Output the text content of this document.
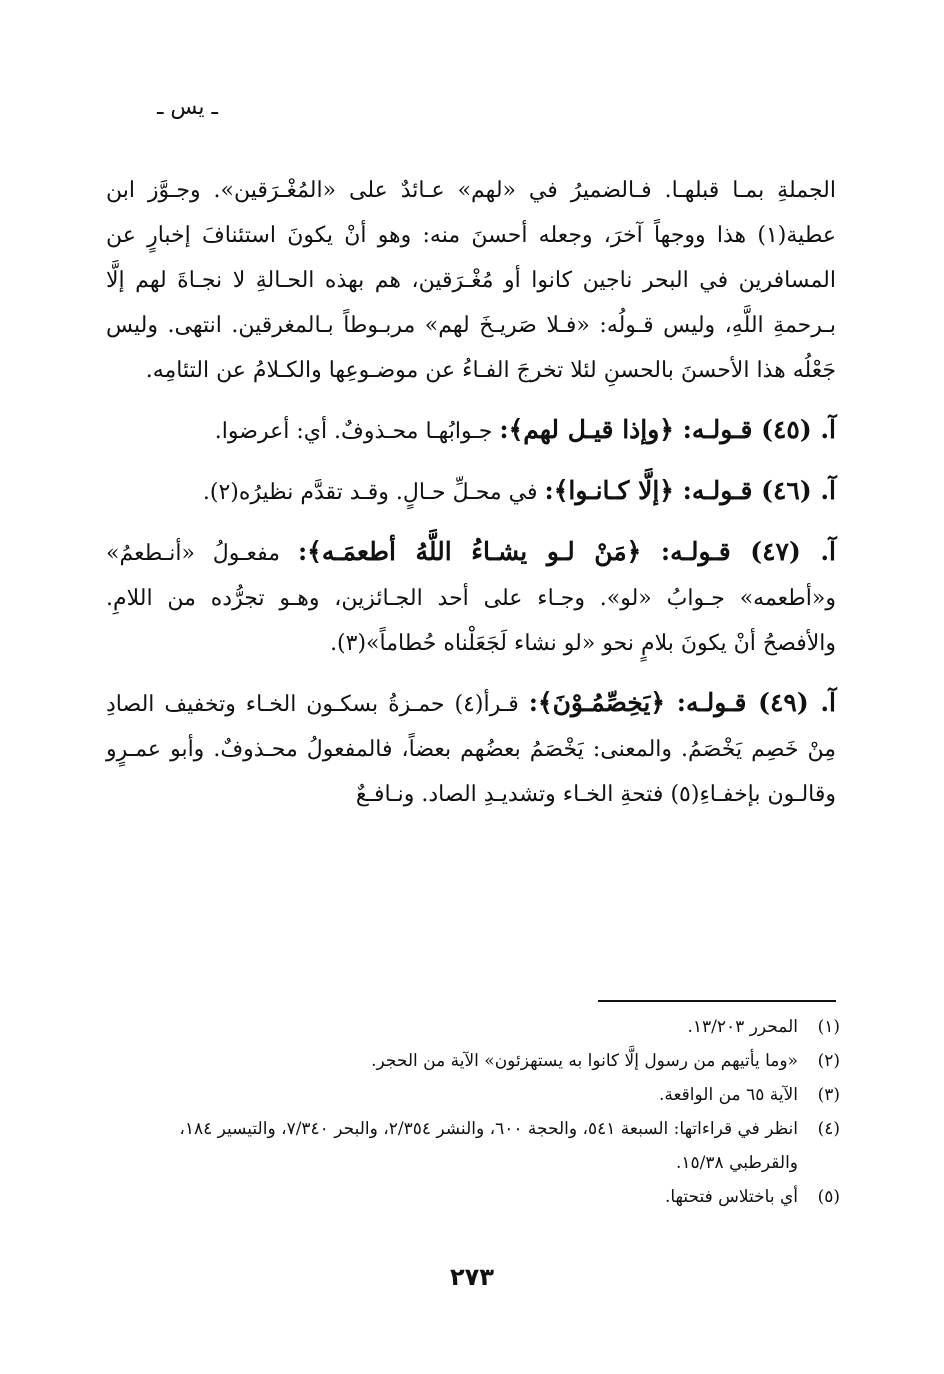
ـ يس ـ

الجملةِ بمـا قبلهـا. فـالضميرُ في «لهم» عـائدٌ على «المُغْـرَقين». وجـوَّز ابن عطية(١) هذا ووجهاً آخرَ، وجعله أحسنَ منه: وهو أنْ يكونَ استئنافَ إخبارٍ عن المسافرين في البحر ناجين كانوا أو مُغْـرَقين، هم بهذه الحـالةِ لا نجـاةَ لهم إلَّا بـرحمةِ اللَّهِ، وليس قـولُه: «فـلا صَريـخَ لهم» مربـوطاً بـالمغرقين. انتهى. وليس جَعْلُه هذا الأحسنَ بالحسنِ لئلا تخرجَ الفـاءُ عن موضـوعِها والكـلامُ عن التئامِه.

آ. (٤٥) قـولـه: ﴿وإذا قيـل لهم﴾: جـوابُهـا محـذوفٌ. أي: أعرضوا.

آ. (٤٦) قـولـه: ﴿إلَّا كـانـوا﴾: في محـلِّ حـالٍ. وقـد تقدَّم نظيرُه(٢).

آ. (٤٧) قـولـه: ﴿مَنْ لـو يشـاءُ اللَّهُ أطعمَـه﴾: مفعـولُ «أنـطعمُ» و«أطعمه» جـوابُ «لو». وجـاء على أحد الجـائزين، وهـو تجرُّده من اللامِ. والأفصحُ أنْ يكونَ بلامٍ نحو «لو نشاء لَجَعَلْناه حُطاماً»(٣).

آ. (٤٩) قـولـه: ﴿يَخِصِّمُـوْنَ﴾: قـرأ(٤) حمـزةُ بسكـون الخـاء وتخفيف الصادِ مِنْ خَصِم يَخْصَمُ. والمعنى: يَخْصَمُ بعضُهم بعضاً، فالمفعولُ محـذوفٌ. وأبو عمـرٍو وقالـون بإخفـاءِ(٥) فتحةِ الخـاء وتشديـدِ الصاد. ونـافـعٌ

(١)
المحرر ١٣/٢٠٣.
(٢)
«وما يأتيهم من رسول إلَّا كانوا به يستهزئون» الآية من الحجر.
(٣)
الآية ٦٥ من الواقعة.
(٤)
انظر في قراءاتها: السبعة ٥٤١، والحجة ٦٠٠، والنشر ٢/٣٥٤، والبحر ٧/٣٤٠، والتيسير ١٨٤، والقرطبي ١٥/٣٨.
(٥)
أي باختلاس فتحتها.
٢٧٣
